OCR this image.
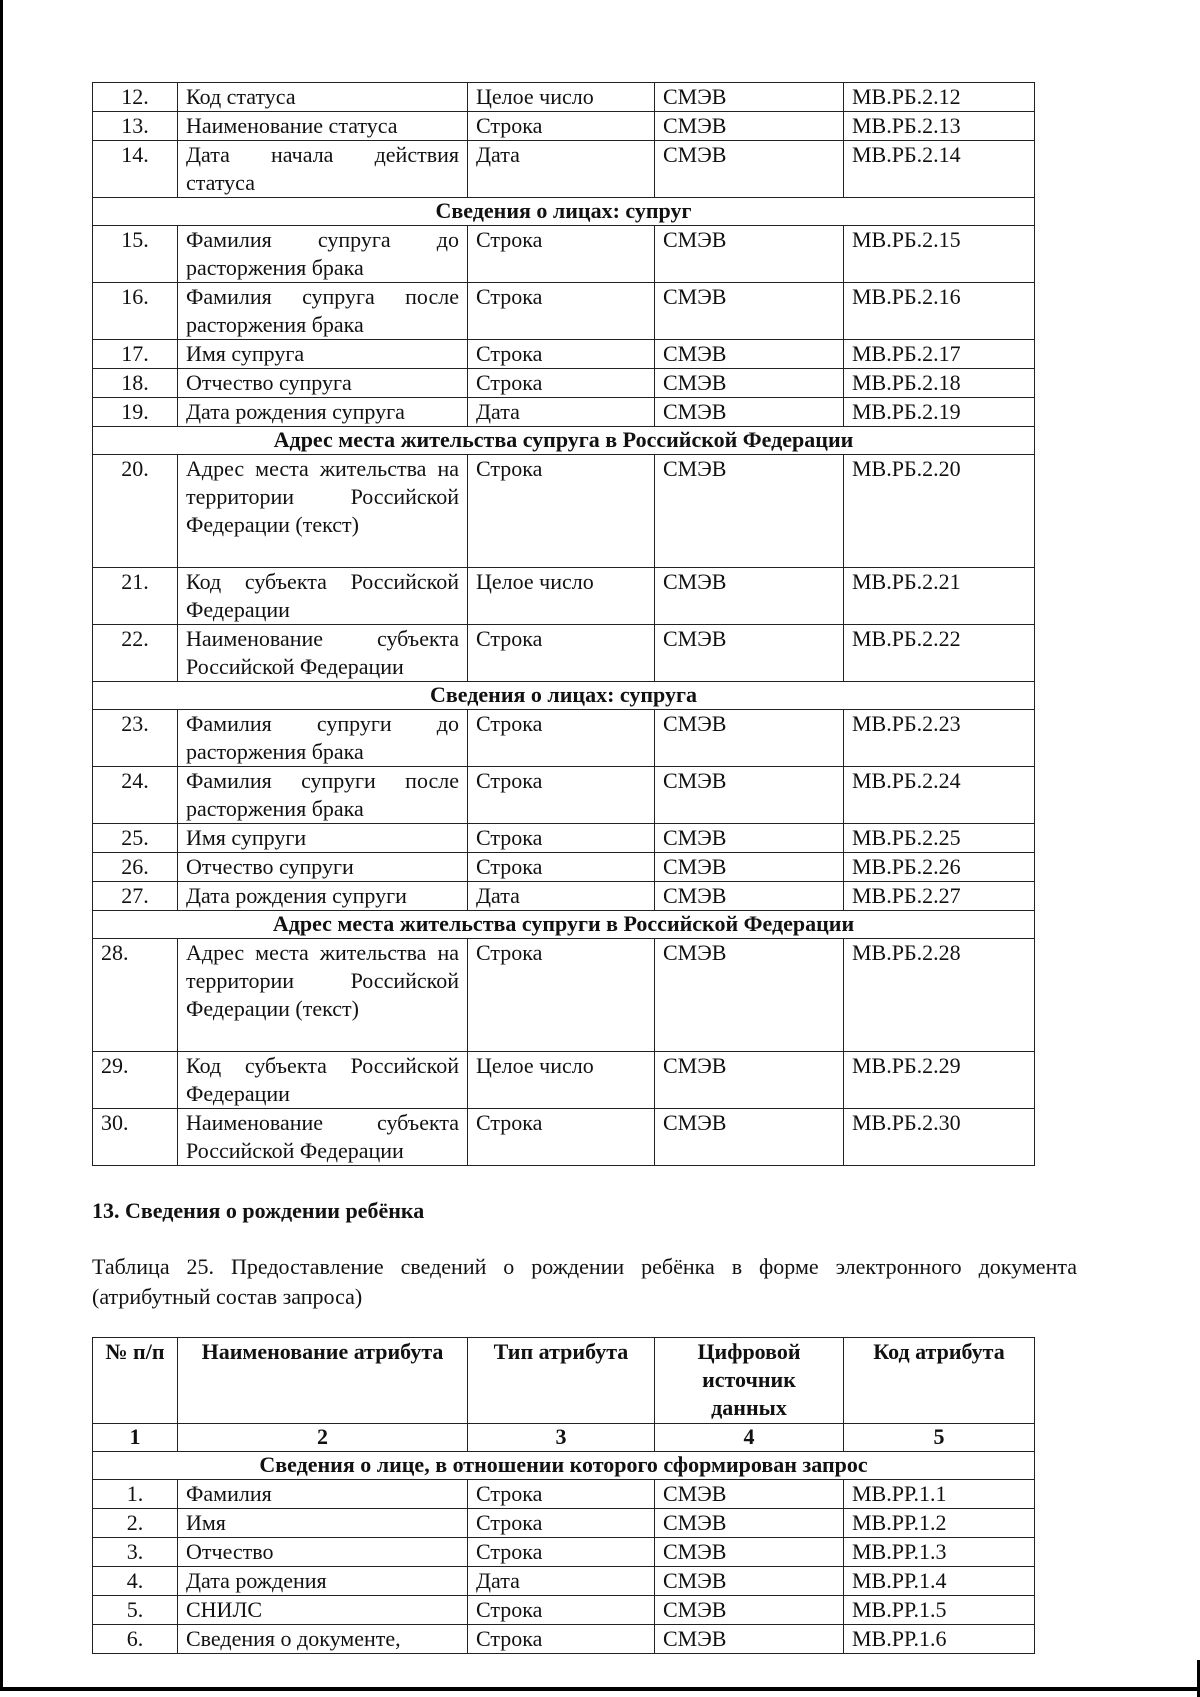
12.	Код статуса	Целое число	СМЭВ	МВ.РБ.2.12
13.	Наименование статуса	Строка	СМЭВ	МВ.РБ.2.13
14.	Дата начала действия статуса	Дата	СМЭВ	МВ.РБ.2.14
Сведения о лицах: супруг				
15.	Фамилия супруга до расторжения брака	Строка	СМЭВ	МВ.РБ.2.15
16.	Фамилия супруга после расторжения брака	Строка	СМЭВ	МВ.РБ.2.16
17.	Имя супруга	Строка	СМЭВ	МВ.РБ.2.17
18.	Отчество супруга	Строка	СМЭВ	МВ.РБ.2.18
19.	Дата рождения супруга	Дата	СМЭВ	МВ.РБ.2.19
Адрес места жительства супруга в Российской Федерации				
20.	Адрес места жительства на территории Российской Федерации (текст)	Строка	СМЭВ	МВ.РБ.2.20
21.	Код субъекта Российской Федерации	Целое число	СМЭВ	МВ.РБ.2.21
22.	Наименование субъекта Российской Федерации	Строка	СМЭВ	МВ.РБ.2.22
Сведения о лицах: супруга				
23.	Фамилия супруги до расторжения брака	Строка	СМЭВ	МВ.РБ.2.23
24.	Фамилия супруги после расторжения брака	Строка	СМЭВ	МВ.РБ.2.24
25.	Имя супруги	Строка	СМЭВ	МВ.РБ.2.25
26.	Отчество супруги	Строка	СМЭВ	МВ.РБ.2.26
27.	Дата рождения супруги	Дата	СМЭВ	МВ.РБ.2.27
Адрес места жительства супруги в Российской Федерации				
28.	Адрес места жительства на территории Российской Федерации (текст)	Строка	СМЭВ	МВ.РБ.2.28
29.	Код субъекта Российской Федерации	Целое число	СМЭВ	МВ.РБ.2.29
30.	Наименование субъекта Российской Федерации	Строка	СМЭВ	МВ.РБ.2.30
13. Сведения о рождении ребёнка
Таблица 25. Предоставление сведений о рождении ребёнка в форме электронного документа (атрибутный состав запроса)
№ п/п	Наименование атрибута	Тип атрибута	Цифровой источник данных	Код атрибута
1	2	3	4	5
Сведения о лице, в отношении которого сформирован запрос				
1.	Фамилия	Строка	СМЭВ	МВ.РР.1.1
2.	Имя	Строка	СМЭВ	МВ.РР.1.2
3.	Отчество	Строка	СМЭВ	МВ.РР.1.3
4.	Дата рождения	Дата	СМЭВ	МВ.РР.1.4
5.	СНИЛС	Строка	СМЭВ	МВ.РР.1.5
6.	Сведения о документе,	Строка	СМЭВ	МВ.РР.1.6
